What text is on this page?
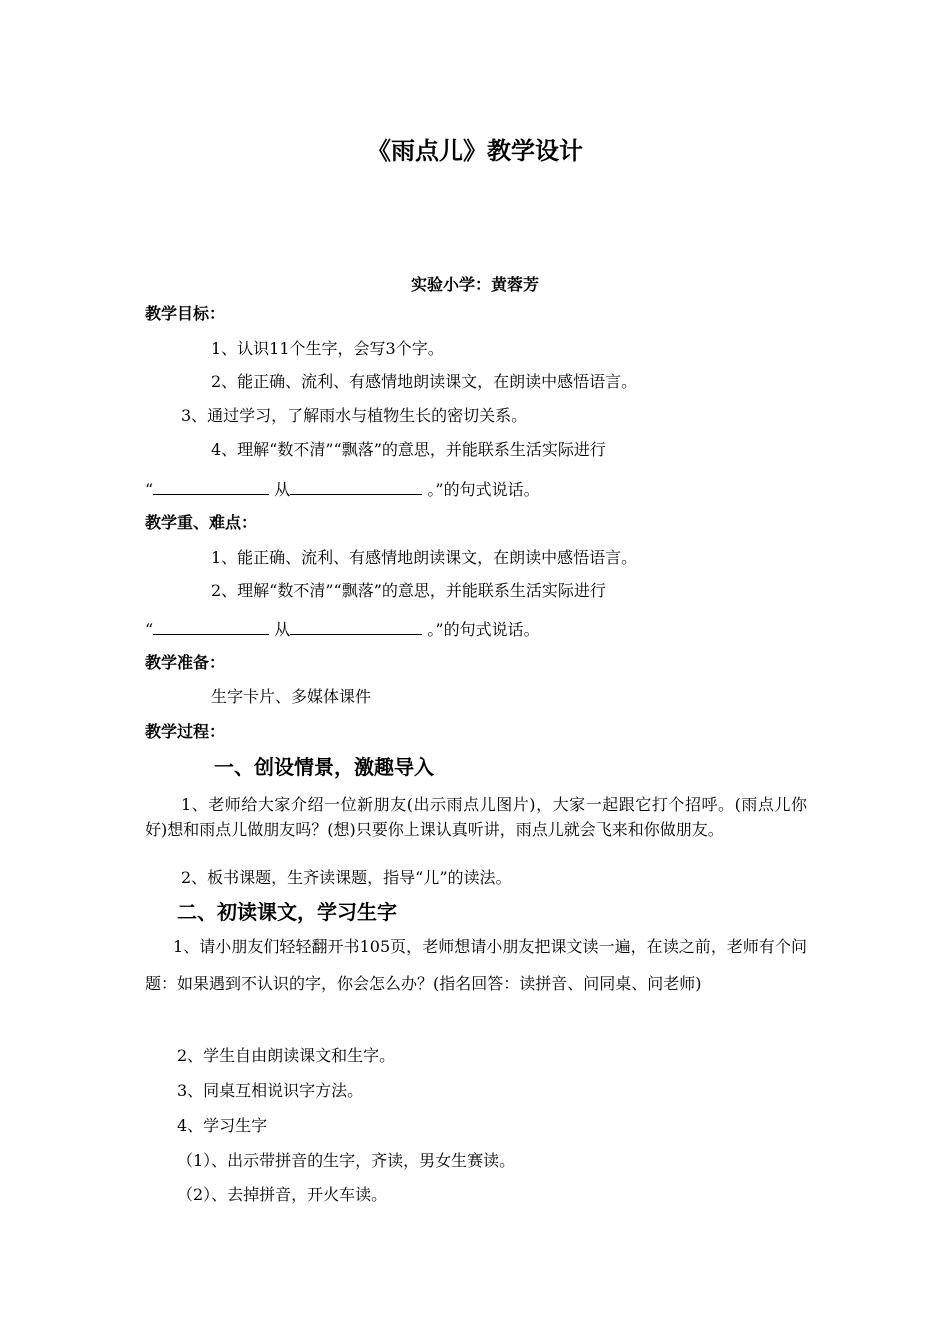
《雨点儿》教学设计
实验小学：黄蓉芳
教学目标：
1、认识11个生字，会写3个字。
2、能正确、流利、有感情地朗读课文，在朗读中感悟语言。
3、通过学习，了解雨水与植物生长的密切关系。
4、理解“数不清”“飘落”的意思，并能联系生活实际进行
“	从	。”的句式说话。
教学重、难点：
1、能正确、流利、有感情地朗读课文，在朗读中感悟语言。
2、理解“数不清”“飘落”的意思，并能联系生活实际进行
“	从	。”的句式说话。
教学准备：
生字卡片、多媒体课件
教学过程：
一、创设情景，激趣导入
1、老师给大家介绍一位新朋友(出示雨点儿图片)，大家一起跟它打个招呼。(雨点儿你好)想和雨点儿做朋友吗？(想)只要你上课认真听讲，雨点儿就会飞来和你做朋友。
2、板书课题，生齐读课题，指导“儿”的读法。
二、初读课文，学习生字
1、请小朋友们轻轻翻开书105页，老师想请小朋友把课文读一遍，在读之前，老师有个问题：如果遇到不认识的字，你会怎么办？(指名回答：读拼音、问同桌、问老师)
2、学生自由朗读课文和生字。
3、同桌互相说识字方法。
4、学习生字
（1）、出示带拼音的生字，齐读，男女生赛读。
（2）、去掉拼音，开火车读。
